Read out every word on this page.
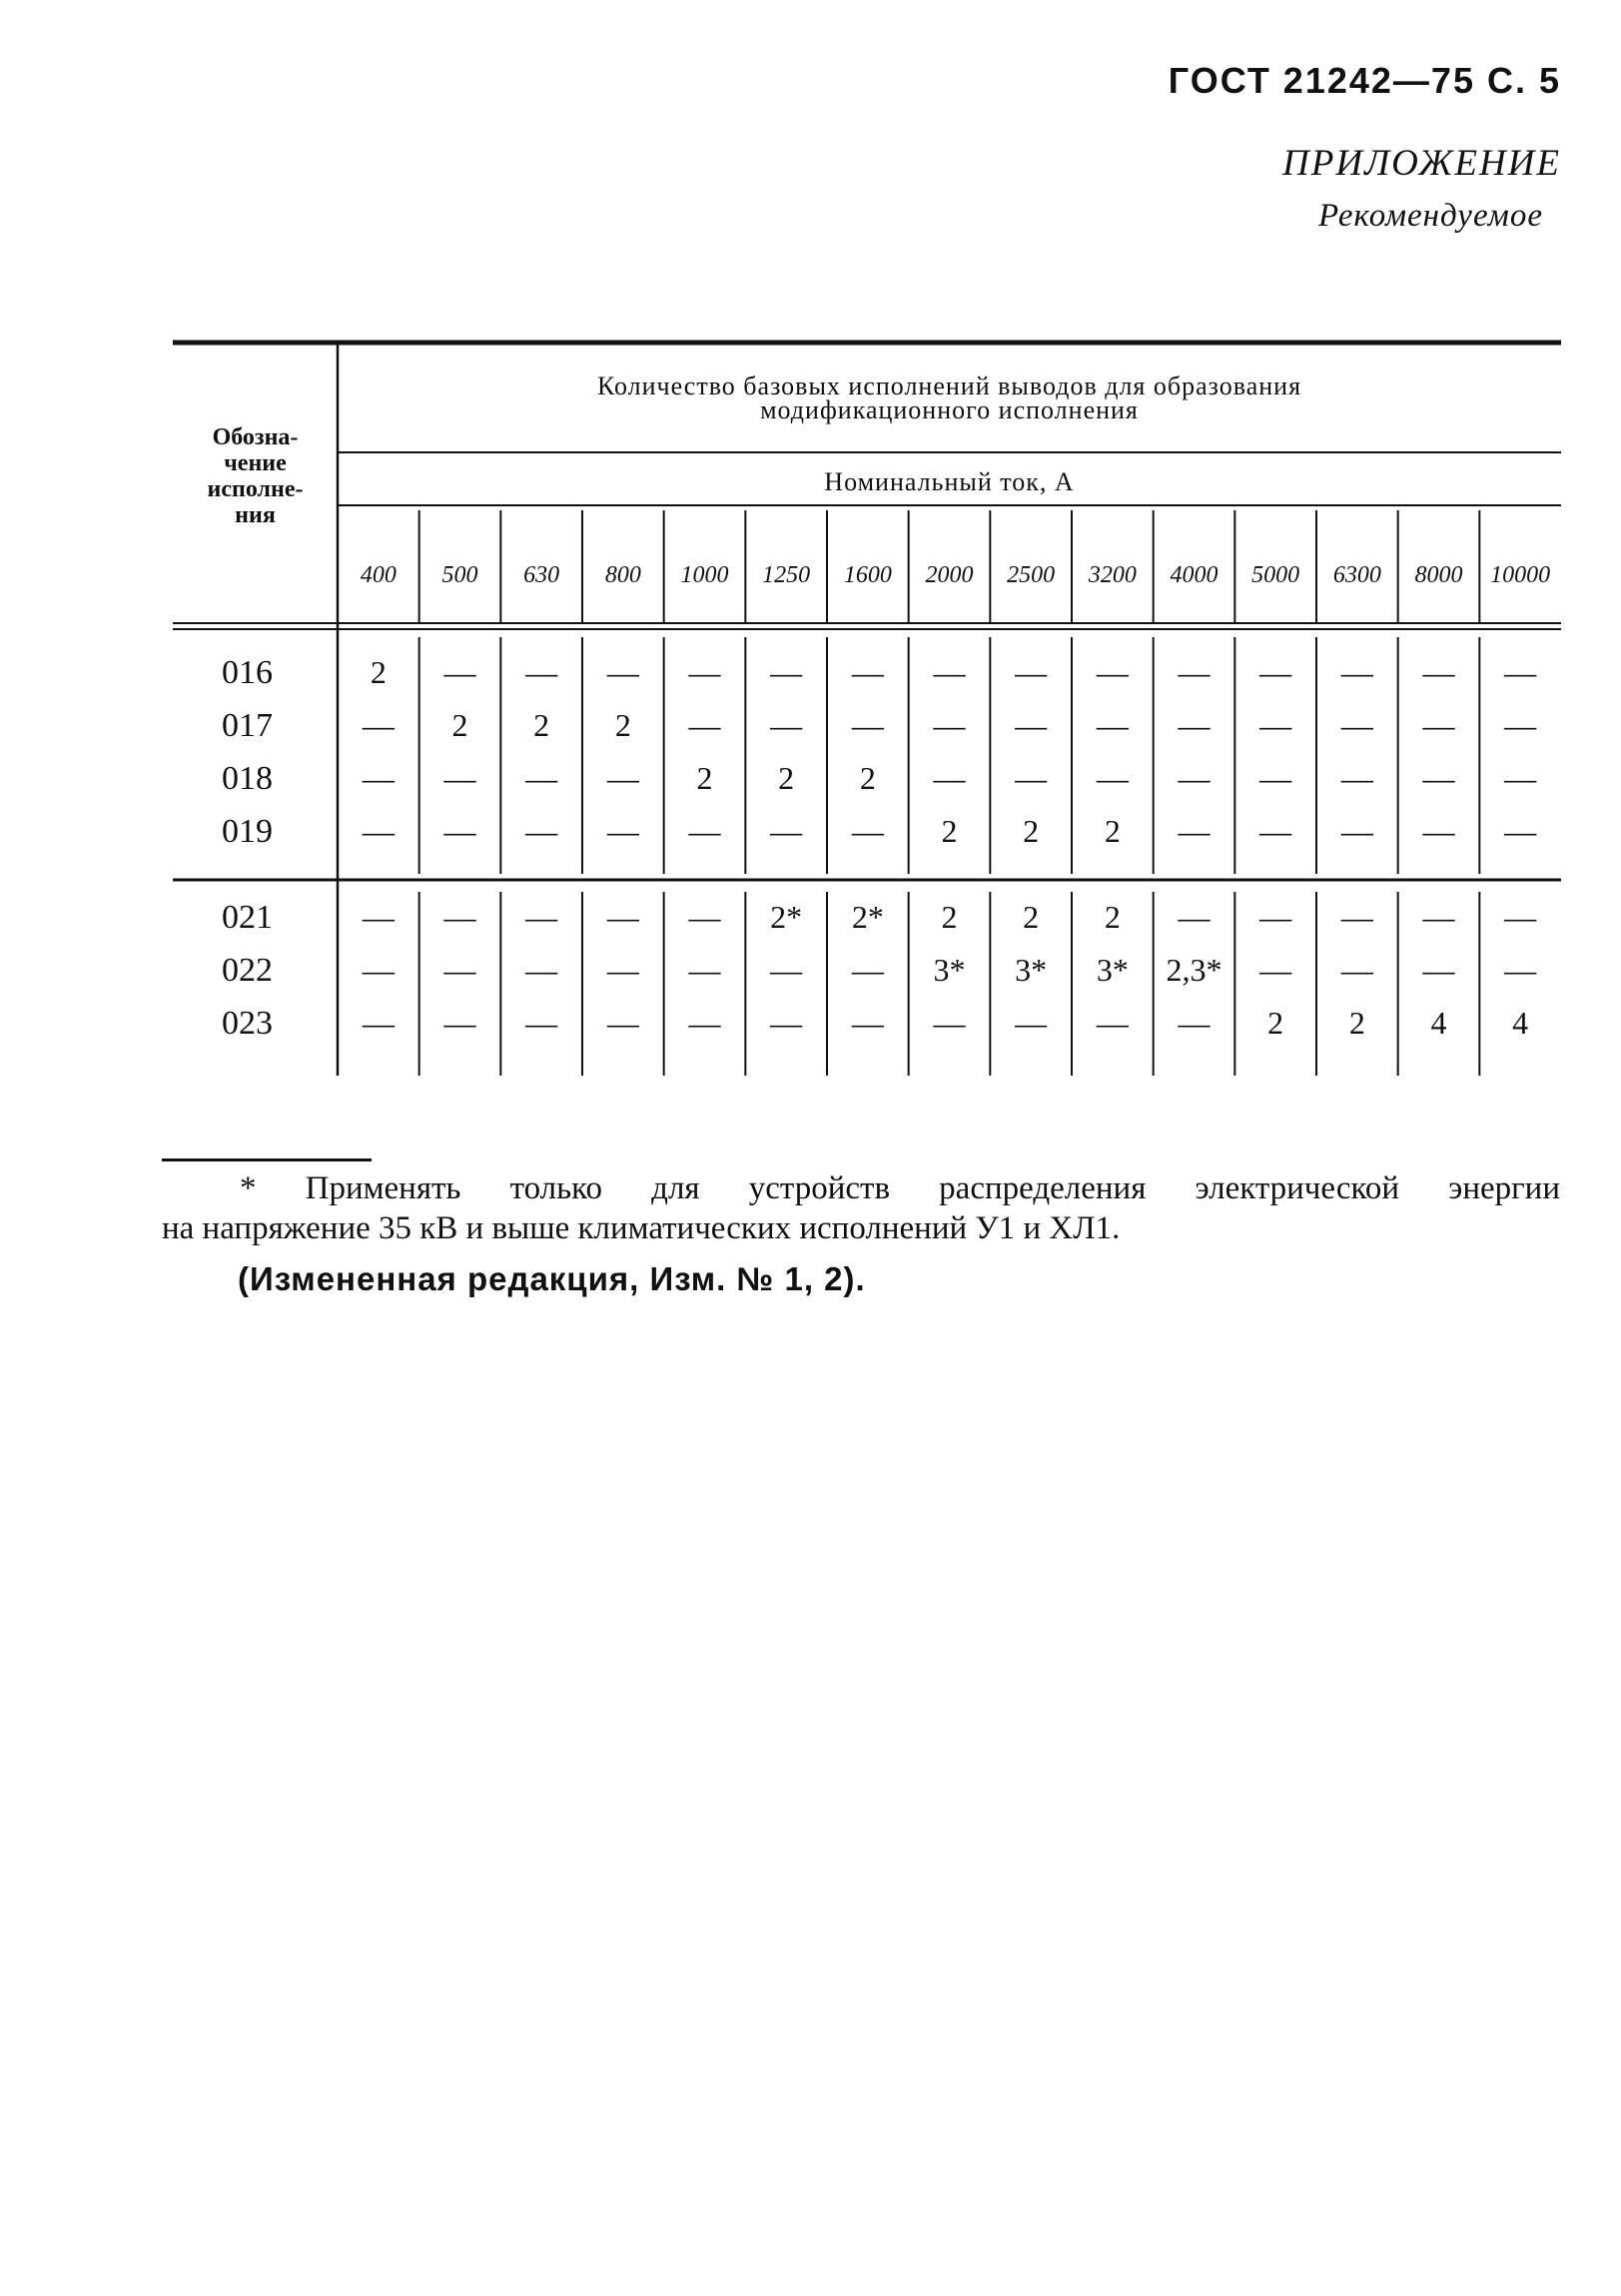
ГОСТ 21242—75 С. 5
ПРИЛОЖЕНИЕ
Рекомендуемое
Обозна-
чение
исполне-
ния
Количество базовых исполнений выводов для образования
модификационного исполнения
Номинальный ток, А
400 500 630 800 1000 1250 1600 2000 2500 3200 4000 5000 6300 8000 10000
016	2 — — — — — — — — — — — — — —
017	— 2 2 2 — — — — — — — — — — —
018	— — — — 2 2 2 — — — — — — — —
019	— — — — — — — 2 2 2 — — — — —
021	— — — — — 2* 2* 2 2 2 — — — — —
022	— — — — — — — 3* 3* 3* 2,3* — — — —
023	— — — — — — — — — — — 2 2 4 4
* Применять только для устройств распределения электрической энергии
на напряжение 35 кВ и выше климатических исполнений У1 и ХЛ1.
(Измененная редакция, Изм. № 1, 2).
